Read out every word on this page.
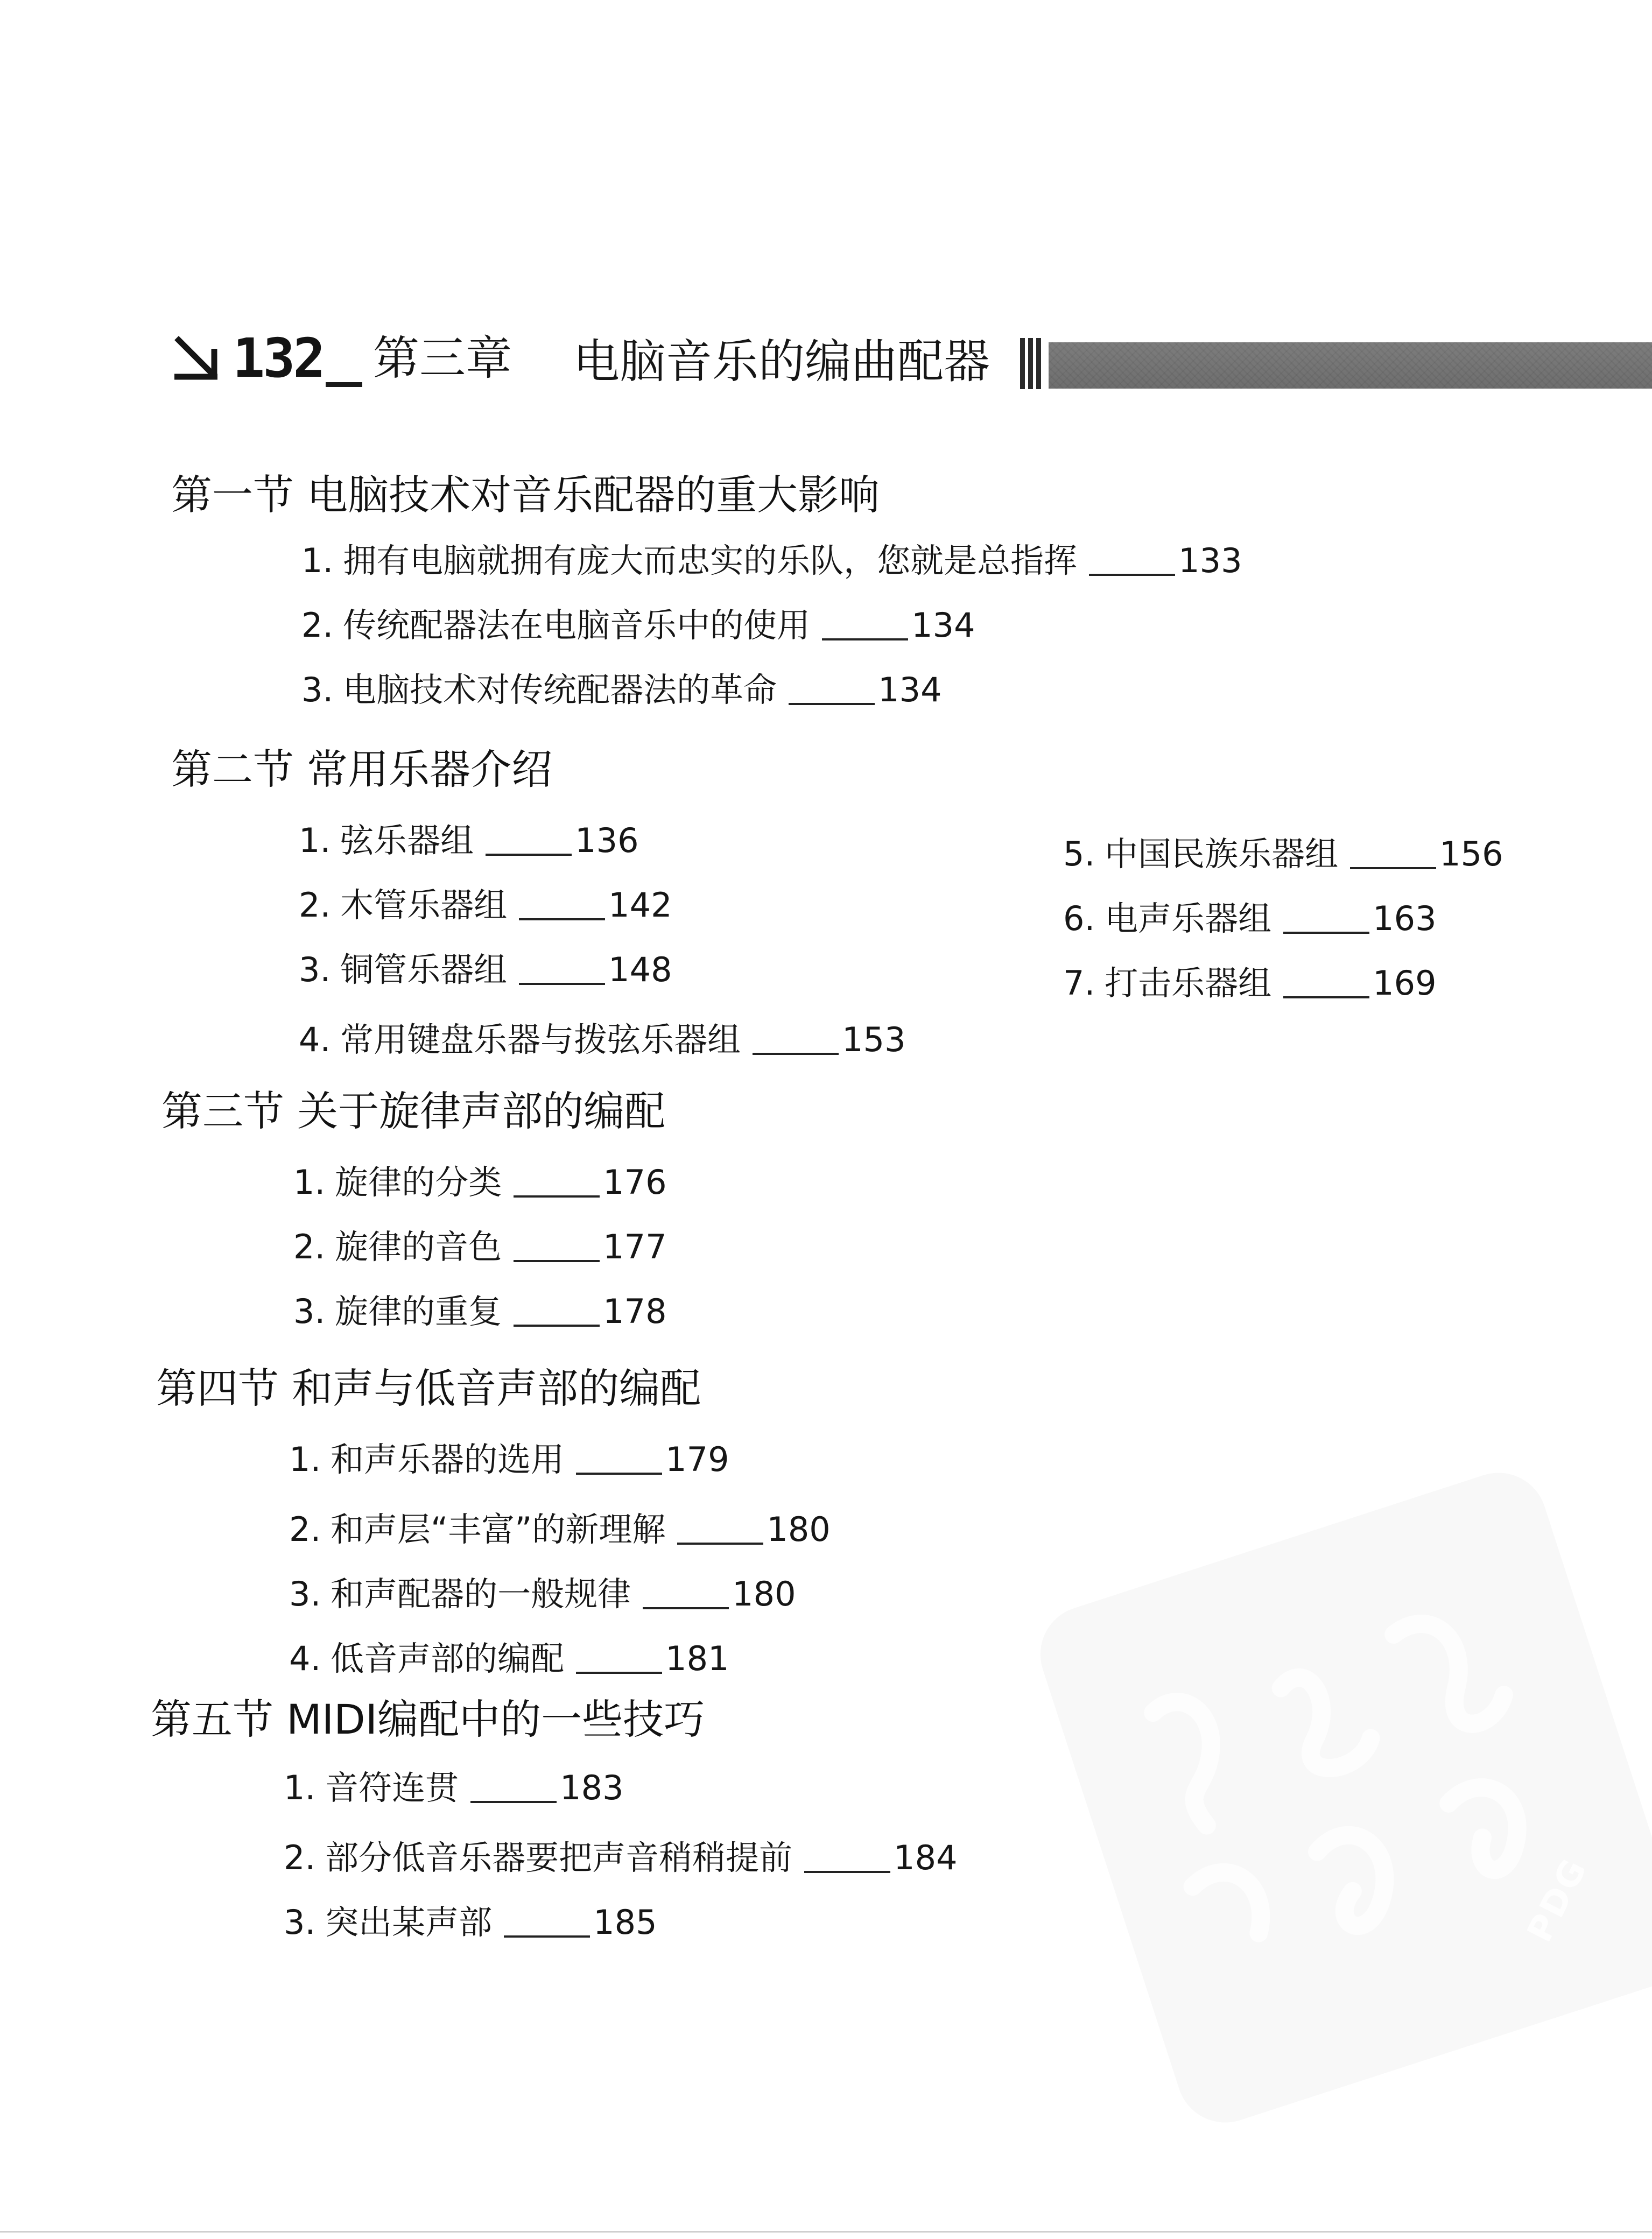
132 第三章 电脑音乐的编曲配器
第一节 电脑技术对音乐配器的重大影响
1. 拥有电脑就拥有庞大而忠实的乐队，您就是总指挥	133
2. 传统配器法在电脑音乐中的使用	134
3. 电脑技术对传统配器法的革命	134
第二节 常用乐器介绍
1. 弦乐器组	136
2. 木管乐器组	142
3. 铜管乐器组	148
4. 常用键盘乐器与拨弦乐器组	153
5. 中国民族乐器组	156
6. 电声乐器组	163
7. 打击乐器组	169
第三节 关于旋律声部的编配
1. 旋律的分类	176
2. 旋律的音色	177
3. 旋律的重复	178
第四节 和声与低音声部的编配
1. 和声乐器的选用	179
2. 和声层“丰富”的新理解	180
3. 和声配器的一般规律	180
4. 低音声部的编配	181
第五节 MIDI编配中的一些技巧
1. 音符连贯	183
2. 部分低音乐器要把声音稍稍提前	184
3. 突出某声部	185	PDG
